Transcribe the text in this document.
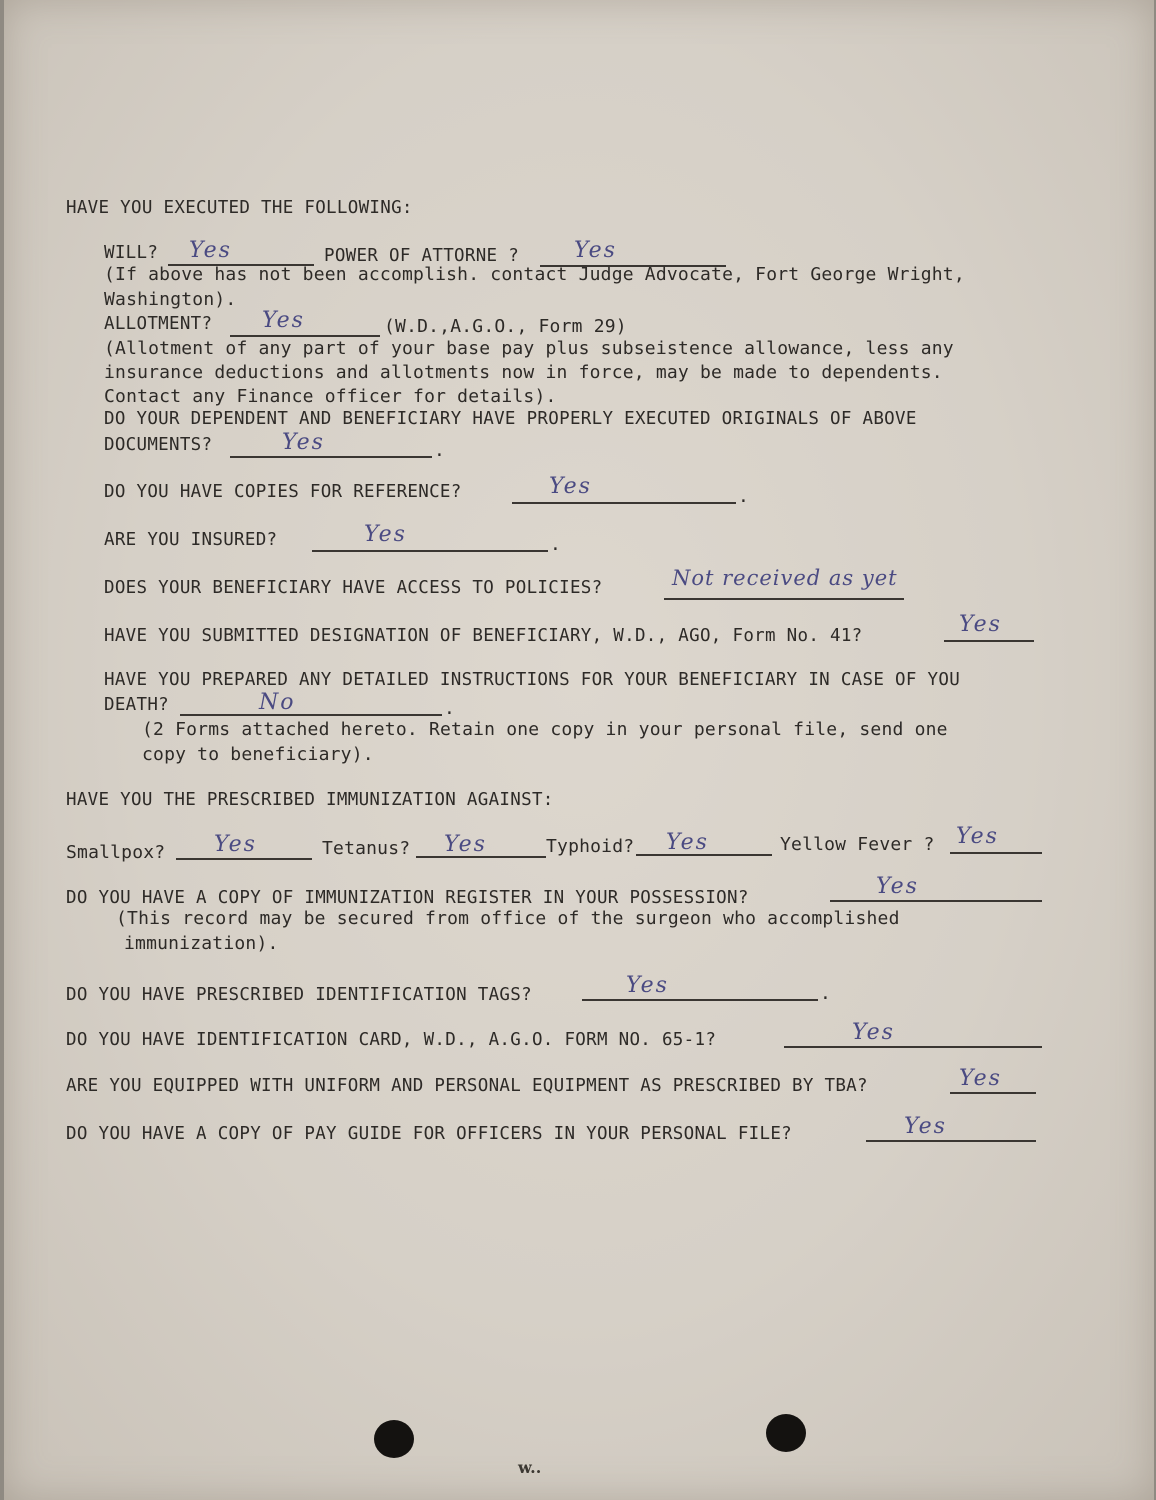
HAVE YOU EXECUTED THE FOLLOWING:
WILL? Yes	POWER OF ATTORNE ? Yes
(If above has not been accomplish. contact Judge Advocate, Fort George Wright,
Washington).
ALLOTMENT? Yes	(W.D.,A.G.O., Form 29)
(Allotment of any part of your base pay plus subseistence allowance, less any
insurance deductions and allotments now in force, may be made to dependents.
Contact any Finance officer for details).
DO YOUR DEPENDENT AND BENEFICIARY HAVE PROPERLY EXECUTED ORIGINALS OF ABOVE
DOCUMENTS?	Yes	.
DO YOU HAVE COPIES FOR REFERENCE?	Yes	.
ARE YOU INSURED?	Yes	.
DOES YOUR BENEFICIARY HAVE ACCESS TO POLICIES?	Not received as yet
HAVE YOU SUBMITTED DESIGNATION OF BENEFICIARY, W.D., AGO, Form No. 41?	Yes
HAVE YOU PREPARED ANY DETAILED INSTRUCTIONS FOR YOUR BENEFICIARY IN CASE OF YOU
DEATH?	No	.
(2 Forms attached hereto. Retain one copy in your personal file, send one
copy to beneficiary).
HAVE YOU THE PRESCRIBED IMMUNIZATION AGAINST:
Smallpox? Yes	Tetanus? Yes	Typhoid? Yes	Yellow Fever ? Yes
DO YOU HAVE A COPY OF IMMUNIZATION REGISTER IN YOUR POSSESSION?	Yes
(This record may be secured from office of the surgeon who accomplished
immunization).
DO YOU HAVE PRESCRIBED IDENTIFICATION TAGS?	Yes	.
DO YOU HAVE IDENTIFICATION CARD, W.D., A.G.O. FORM NO. 65-1?	Yes
ARE YOU EQUIPPED WITH UNIFORM AND PERSONAL EQUIPMENT AS PRESCRIBED BY TBA?	Yes
DO YOU HAVE A COPY OF PAY GUIDE FOR OFFICERS IN YOUR PERSONAL FILE?	Yes
w..
